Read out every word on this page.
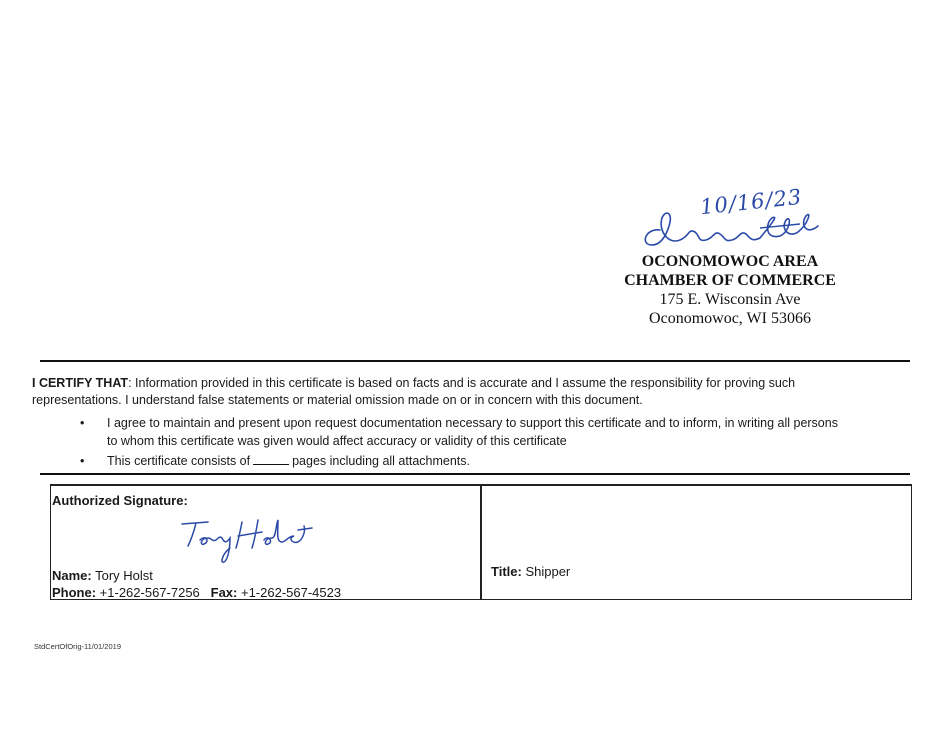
10/16/23
OCONOMOWOC AREA
CHAMBER OF COMMERCE
175 E. Wisconsin Ave
Oconomowoc, WI 53066
I CERTIFY THAT: Information provided in this certificate is based on facts and is accurate and I assume the responsibility for proving such representations. I understand false statements or material omission made on or in concern with this document.
• I agree to maintain and present upon request documentation necessary to support this certificate and to inform, in writing all persons to whom this certificate was given would affect accuracy or validity of this certificate
• This certificate consists of	pages including all attachments.
Authorized Signature:
Name: Tory Holst
Phone: +1-262-567-7256 Fax: +1-262-567-4523
Title: Shipper
StdCertOfOrig-11/01/2019
